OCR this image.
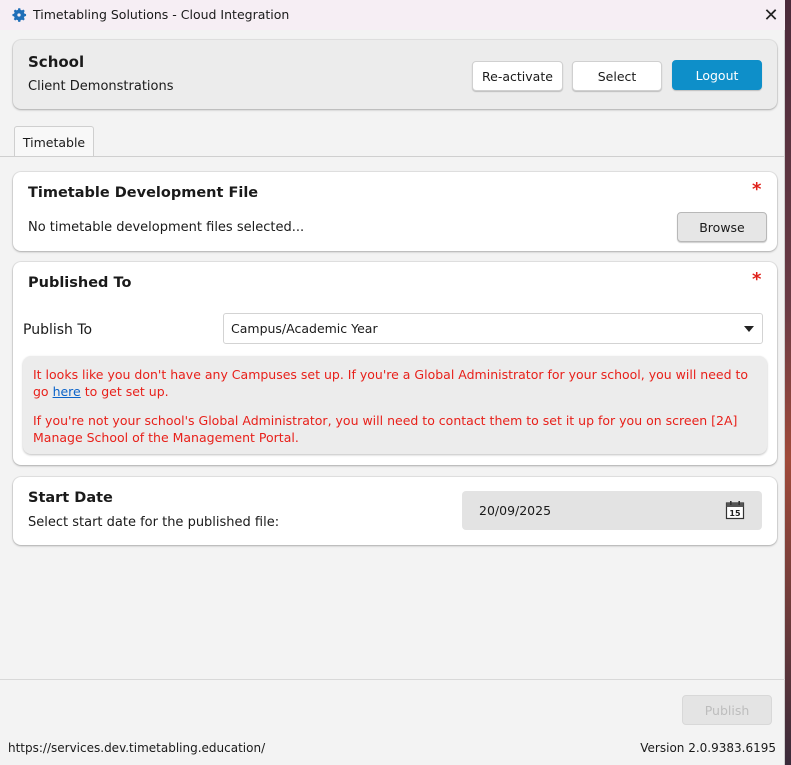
Timetabling Solutions - Cloud Integration	✕
School
Client Demonstrations
Re-activate	Select	Logout
Timetable
Timetable Development File	*
No timetable development files selected...	Browse
Published To	*
Publish To	Campus/Academic Year
It looks like you don't have any Campuses set up. If you're a Global Administrator for your school, you will need to go here to get set up.
If you're not your school's Global Administrator, you will need to contact them to set it up for you on screen [2A] Manage School of the Management Portal.
Start Date
Select start date for the published file:
20/09/2025	15
Publish
https://services.dev.timetabling.education/	Version 2.0.9383.6195
